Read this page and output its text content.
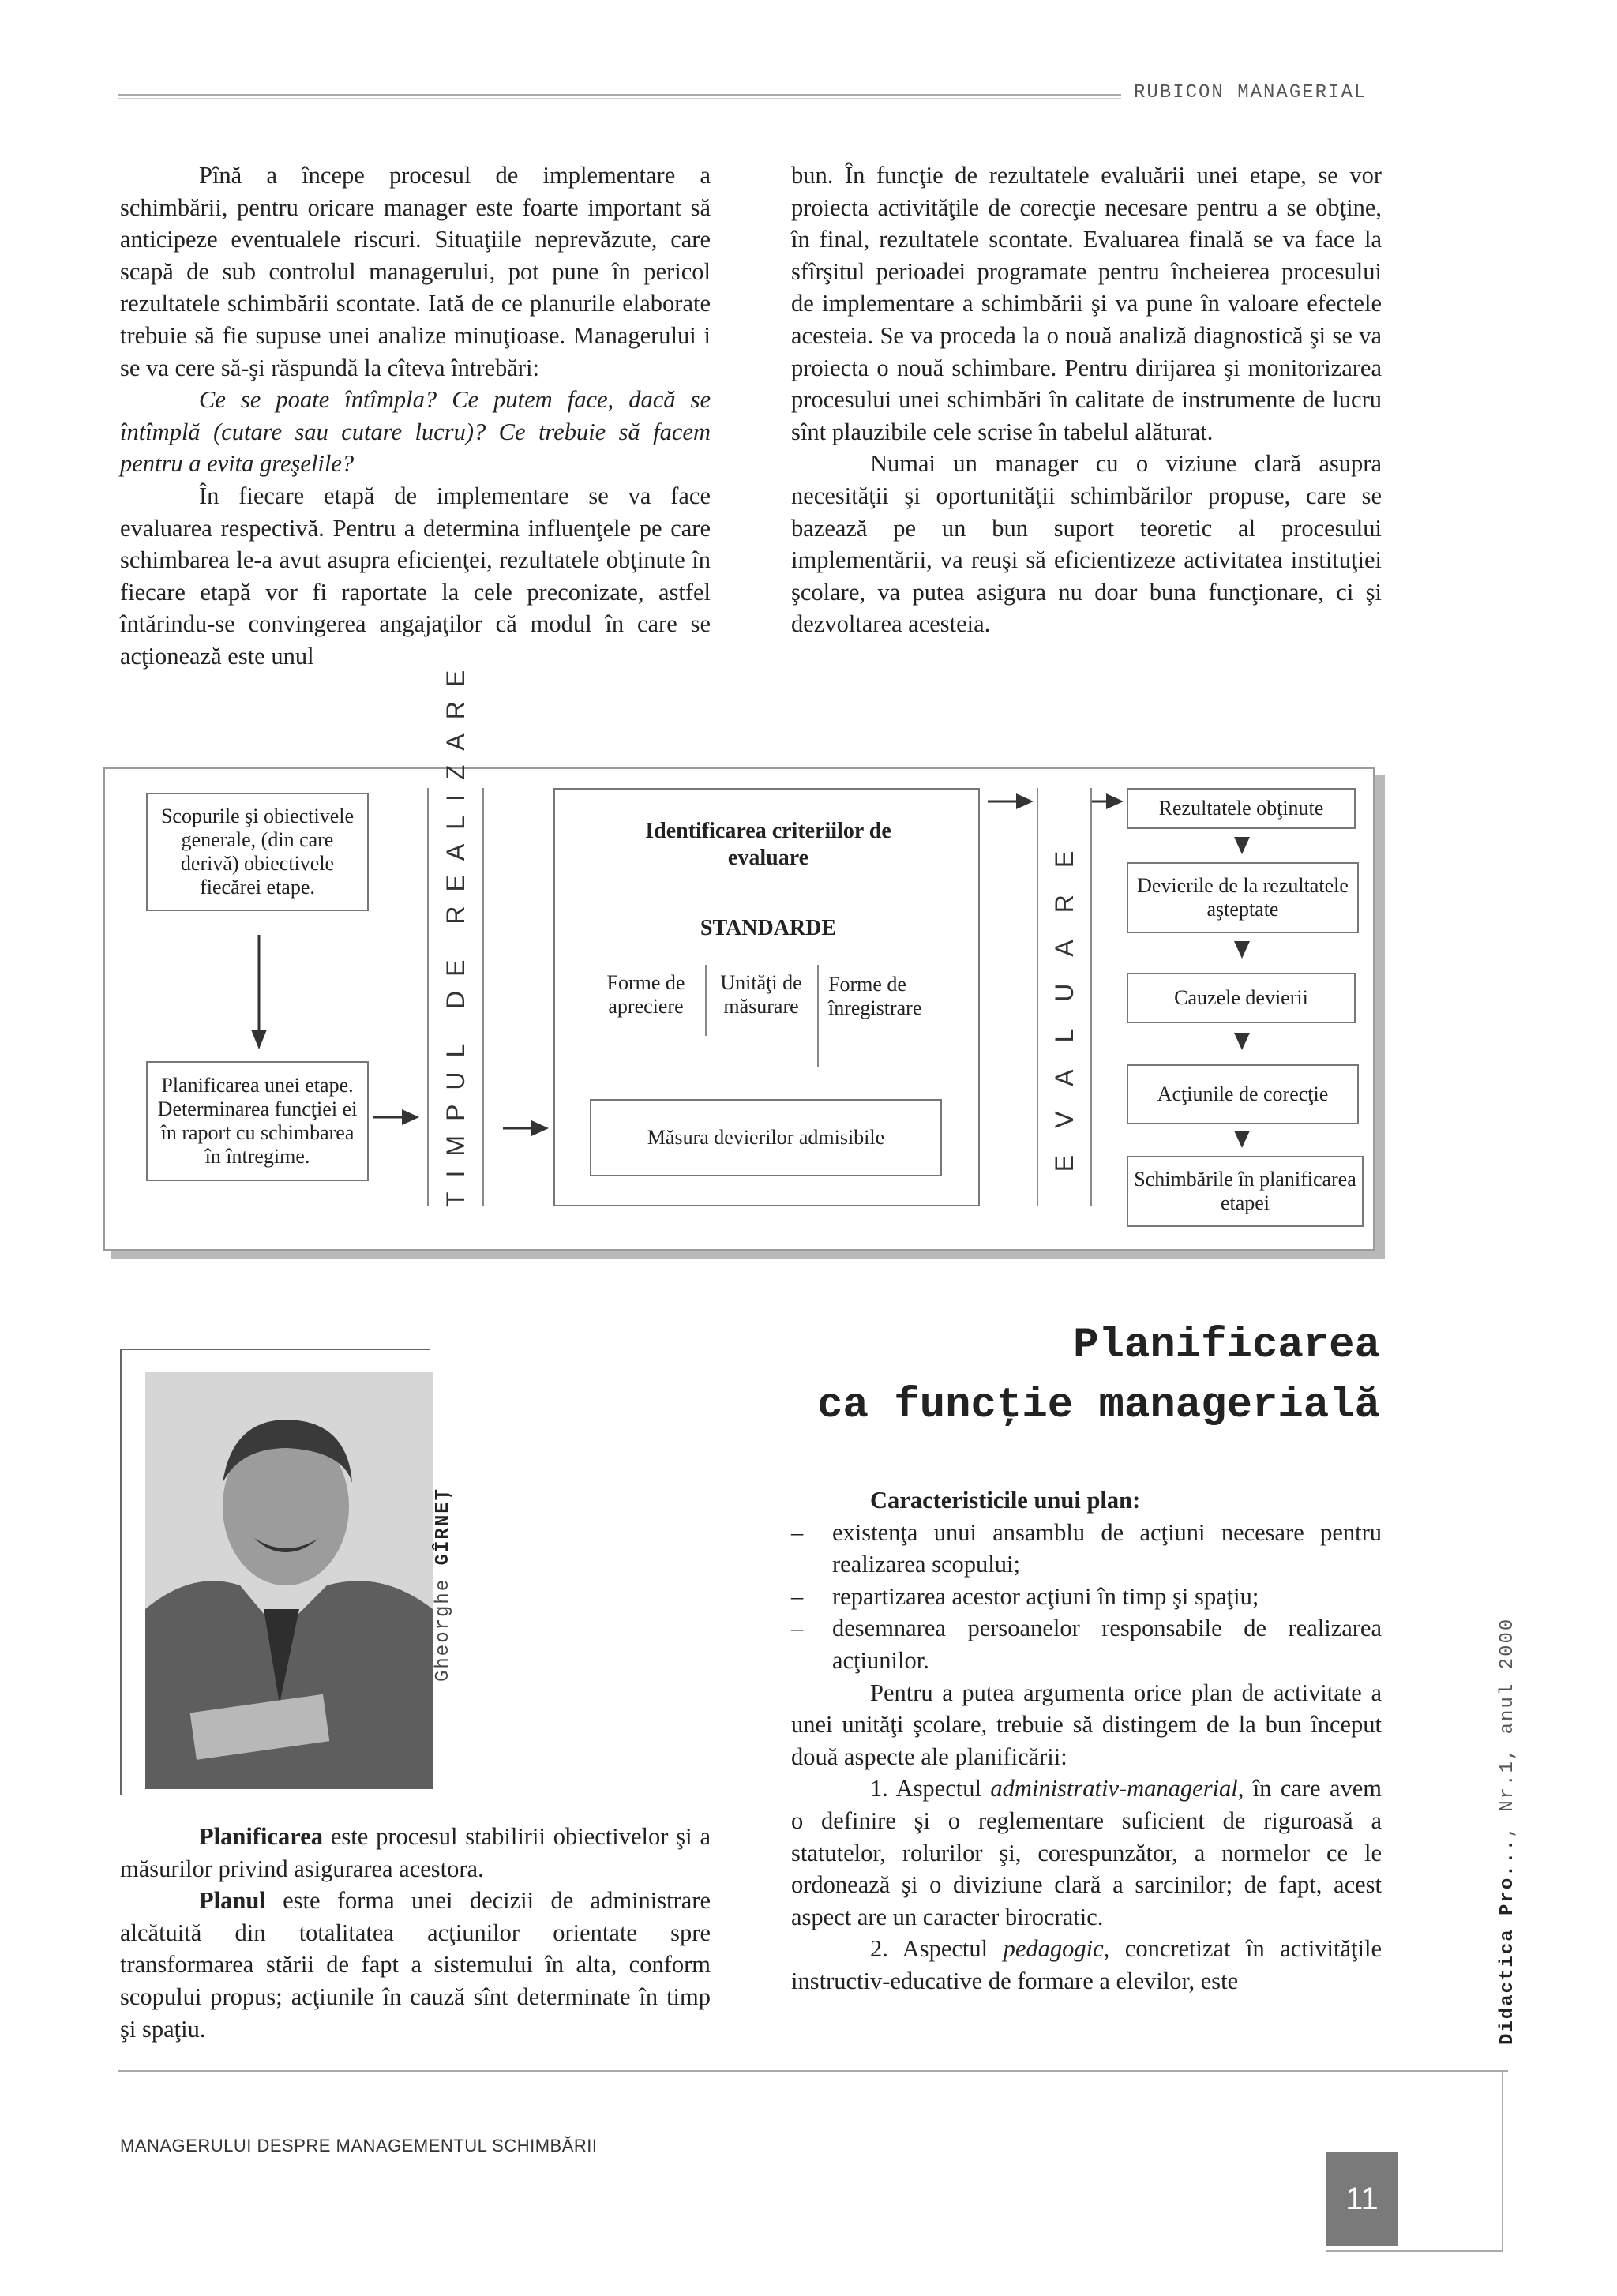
RUBICON MANAGERIAL

Pînă a începe procesul de implementare a schimbării, pentru oricare manager este foarte important să anticipeze eventualele riscuri. Situaţiile neprevăzute, care scapă de sub controlul managerului, pot pune în pericol rezultatele schimbării scontate. Iată de ce planurile elaborate trebuie să fie supuse unei analize minuţioase. Managerului i se va cere să-şi răspundă la cîteva întrebări:

Ce se poate întîmpla? Ce putem face, dacă se întîmplă (cutare sau cutare lucru)? Ce trebuie să facem pentru a evita greşelile?

În fiecare etapă de implementare se va face evaluarea respectivă. Pentru a determina influenţele pe care schimbarea le-a avut asupra eficienţei, rezultatele obţinute în fiecare etapă vor fi raportate la cele preconizate, astfel întărindu-se convingerea angajaţilor că modul în care se acţionează este unul

bun. În funcţie de rezultatele evaluării unei etape, se vor proiecta activităţile de corecţie necesare pentru a se obţine, în final, rezultatele scontate. Evaluarea finală se va face la sfîrşitul perioadei programate pentru încheierea procesului de implementare a schimbării şi va pune în valoare efectele acesteia. Se va proceda la o nouă analiză diagnostică şi se va proiecta o nouă schimbare. Pentru dirijarea şi monitorizarea procesului unei schimbări în calitate de instrumente de lucru sînt plauzibile cele scrise în tabelul alăturat.

Numai un manager cu o viziune clară asupra necesităţii şi oportunităţii schimbărilor propuse, care se bazează pe un bun suport teoretic al procesului implementării, va reuşi să eficientizeze activitatea instituţiei şcolare, va putea asigura nu doar buna funcţionare, ci şi dezvoltarea acesteia.

Scopurile şi obiectivele generale, (din care derivă) obiectivele fiecărei etape.
Planificarea unei etape. Determinarea funcţiei ei în raport cu schimbarea în întregime.	TIMPUL DE REALIZARE	Identificarea criteriilor de evaluare
STANDARDE
Forme de apreciere
Unităţi de măsurare
Forme de înregistrare
Măsura devierilor admisibile	EVALUARE
Rezultatele obţinute
Devierile de la rezultatele aşteptate
Cauzele devierii
Acţiunile de corecţie
Schimbările în planificarea etapei
Planificarea
ca funcţie managerială
Gheorghe GÎRNEŢ

Planificarea este procesul stabilirii obiectivelor şi a măsurilor privind asigurarea acestora.

Planul este forma unei decizii de administrare alcătuită din totalitatea acţiunilor orientate spre transformarea stării de fapt a sistemului în alta, conform scopului propus; acţiunile în cauză sînt determinate în timp şi spaţiu.

Caracteristicile unui plan:

–	existenţa unui ansamblu de acţiuni necesare pentru realizarea scopului;
–	repartizarea acestor acţiuni în timp şi spaţiu;
–	desemnarea persoanelor responsabile de realizarea acţiunilor.

Pentru a putea argumenta orice plan de activitate a unei unităţi şcolare, trebuie să distingem de la bun început două aspecte ale planificării:

1. Aspectul administrativ-managerial, în care avem o definire şi o reglementare suficient de riguroasă a statutelor, rolurilor şi, corespunzător, a normelor ce le ordonează şi o diviziune clară a sarcinilor; de fapt, acest aspect are un caracter birocratic.

2. Aspectul pedagogic, concretizat în activităţile instructiv-educative de formare a elevilor, este	Didactica Pro..., Nr.1, anul 2000
MANAGERULUI DESPRE MANAGEMENTUL SCHIMBĂRII
11
